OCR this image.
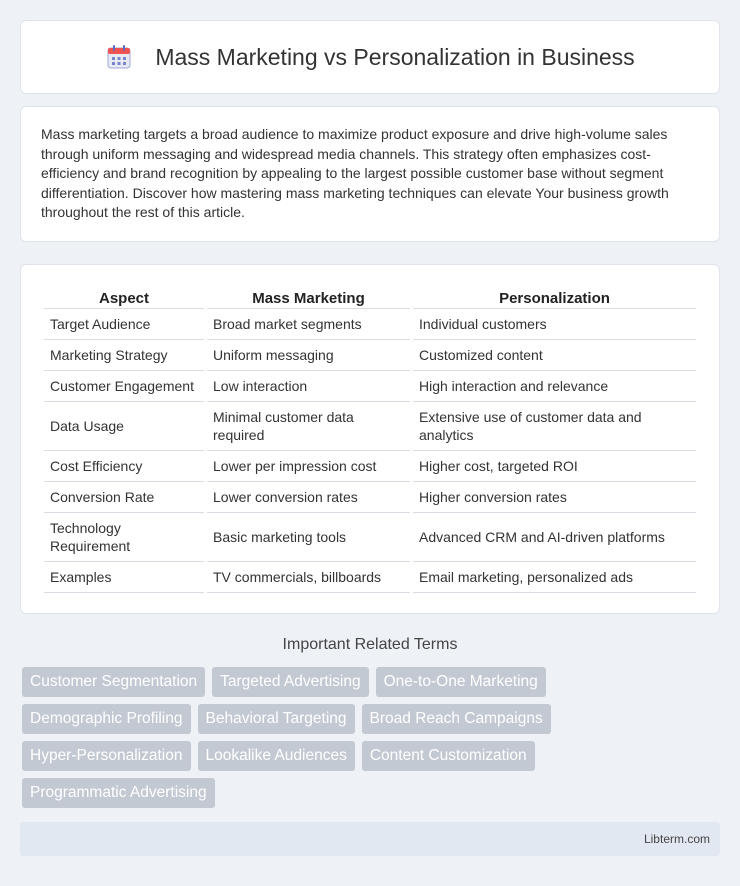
Mass Marketing vs Personalization in Business

Mass marketing targets a broad audience to maximize product exposure and drive high-volume sales through uniform messaging and widespread media channels. This strategy often emphasizes cost-efficiency and brand recognition by appealing to the largest possible customer base without segment differentiation. Discover how mastering mass marketing techniques can elevate Your business growth throughout the rest of this article.

Aspect	Mass Marketing	Personalization
Target Audience	Broad market segments	Individual customers
Marketing Strategy	Uniform messaging	Customized content
Customer Engagement	Low interaction	High interaction and relevance
Data Usage	Minimal customer data required	Extensive use of customer data and analytics
Cost Efficiency	Lower per impression cost	Higher cost, targeted ROI
Conversion Rate	Lower conversion rates	Higher conversion rates
Technology Requirement	Basic marketing tools	Advanced CRM and AI-driven platforms
Examples	TV commercials, billboards	Email marketing, personalized ads
Important Related Terms
Customer Segmentation	Targeted Advertising	One-to-One Marketing
Demographic Profiling	Behavioral Targeting	Broad Reach Campaigns
Hyper-Personalization	Lookalike Audiences	Content Customization
Programmatic Advertising
Libterm.com
